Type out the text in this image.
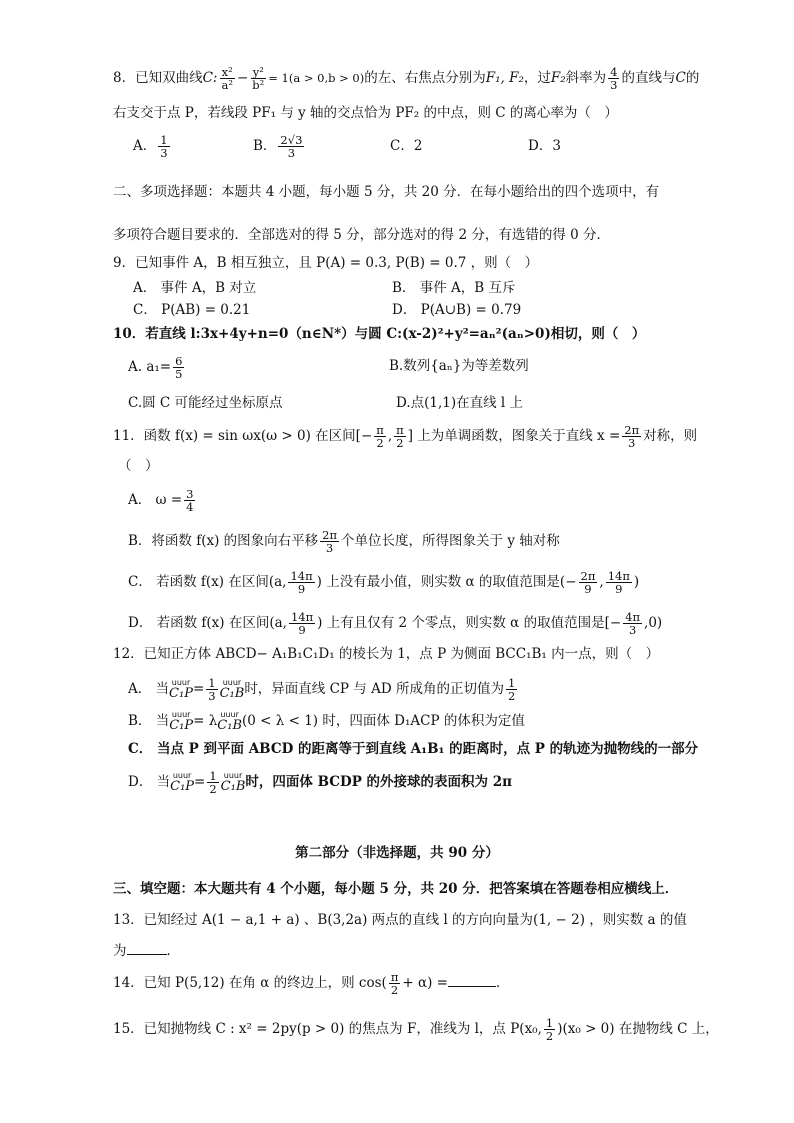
8．已知双曲线C: $\frac{\text{x²}}{\text{a²}} - \frac{\text{y²}}{\text{b²}} = 1(a > 0,b > 0)$的左、右焦点分别为F₁, F₂，过F₂斜率为 $\frac{4}{3}$ 的直线与C的
右支交于点 P，若线段 PF₁ 与 y 轴的交点恰为 PF₂ 的中点，则 C 的离心率为（　）
A． $\frac{1}{3}$	B． $\frac{2√3}{3}$	C．2	D．3
二、多项选择题：本题共 4 小题，每小题 5 分，共 20 分．在每小题给出的四个选项中，有
多项符合题目要求的．全部选对的得 5 分，部分选对的得 2 分，有选错的得 0 分．
9．已知事件 A，B 相互独立，且 P(A) = 0.3, P(B) = 0.7 ，则（　）
A． 事件 A，B 对立	B． 事件 A，B 互斥
C． P(AB) = 0.21	D． P(A∪B) = 0.79
10．若直线 l:3x+4y+n=0（n∈N*）与圆 C:(x-2)²+y²=aₙ²(aₙ>0)相切，则（　）
A. $a_1= \frac{6}{5}$	B.数列{aₙ}为等差数列
C.圆 C 可能经过坐标原点	D.点(1,1)在直线 l 上
11．函数 f(x) = sin ωx(ω > 0) 在区间[− $\frac{\pi}{2}$ , $\frac{\pi}{2}$ ] 上为单调函数，图象关于直线 $x = \frac{2\pi}{3}$ 对称，则
（　）
A． $\omega = \frac{3}{4}$
B．将函数 f(x) 的图象向右平移 $\frac{2\pi}{3}$ 个单位长度，所得图象关于 y 轴对称
C． 若函数 f(x) 在区间(a, $\frac{14\pi}{9}$ ) 上没有最小值，则实数 α 的取值范围是(− $\frac{2\pi}{9}$ , $\frac{14\pi}{9}$ )
D． 若函数 f(x) 在区间(a, $\frac{14\pi}{9}$ ) 上有且仅有 2 个零点，则实数 α 的取值范围是[− $\frac{4\pi}{3} ,0$)
12．已知正方体 ABCD− A₁B₁C₁D₁ 的棱长为 1，点 P 为侧面 BCC₁B₁ 内一点，则（　）
A． 当 uuur
$C_1P = \frac{1}{3}$ uuur
C₁B 时，异面直线 CP 与 AD 所成角的正切值为 $\frac{1}{2}$
B． 当 uuur
C₁P = λ uuur
C₁B (0 < λ < 1) 时，四面体 D₁ACP 的体积为定值
C． 当点 P 到平面 ABCD 的距离等于到直线 A₁B₁ 的距离时，点 P 的轨迹为抛物线的一部分
D． 当 uuur
$C_1P = \frac{1}{2}$ uuur
C₁B 时，四面体 BCDP 的外接球的表面积为 2π
第二部分（非选择题，共 90 分）
三、填空题：本大题共有 4 个小题，每小题 5 分，共 20 分．把答案填在答题卷相应横线上．
13．已知经过 A(1 − a,1 + a) 、B(3,2a) 两点的直线 l 的方向向量为(1, − 2) ，则实数 a 的值
为	．
14．已知 P(5,12) 在角 α 的终边上，则 $\cos( \frac{\pi}{2} + \alpha)$ =	．
15．已知抛物线 C : x² = 2py(p > 0) 的焦点为 F，准线为 l，点 P(x₀, $\frac{1}{2} )(x_0 > 0)$ 在抛物线 C 上，
